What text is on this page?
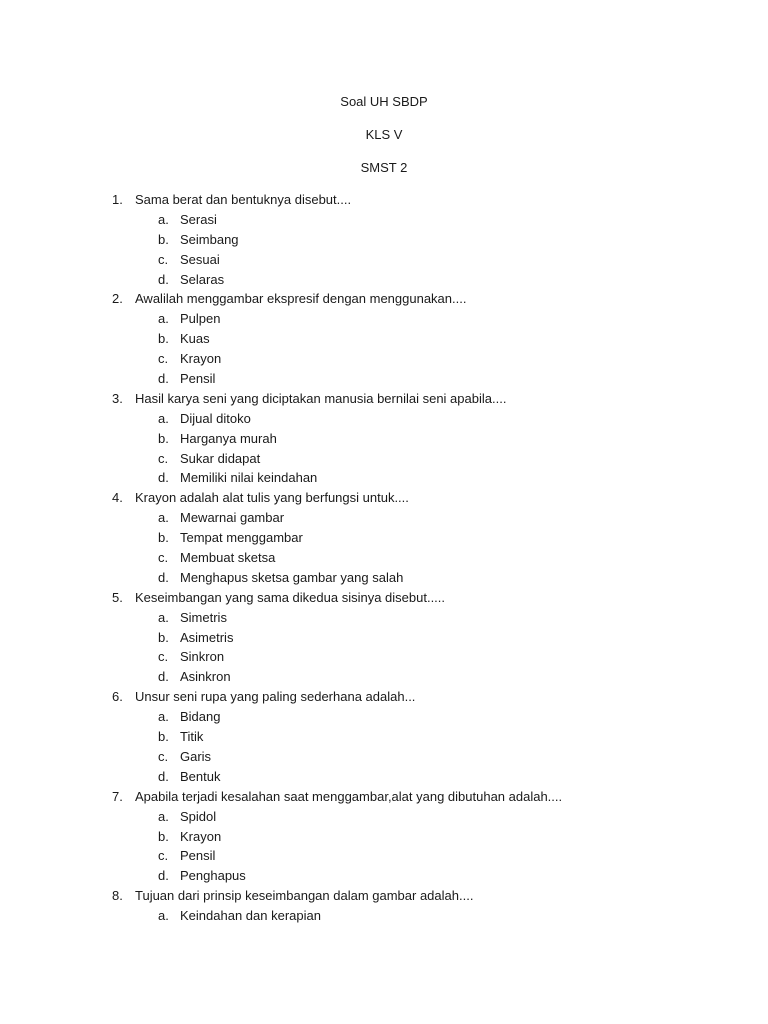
Soal UH SBDP
KLS V
SMST 2
1. Sama berat dan bentuknya disebut....
a. Serasi
b. Seimbang
c. Sesuai
d. Selaras
2. Awalilah menggambar ekspresif dengan menggunakan....
a. Pulpen
b. Kuas
c. Krayon
d. Pensil
3. Hasil karya seni yang diciptakan manusia bernilai seni apabila....
a. Dijual ditoko
b. Harganya murah
c. Sukar didapat
d. Memiliki nilai keindahan
4. Krayon adalah alat tulis yang berfungsi untuk....
a. Mewarnai gambar
b. Tempat menggambar
c. Membuat sketsa
d. Menghapus sketsa gambar yang salah
5. Keseimbangan yang sama dikedua sisinya disebut.....
a. Simetris
b. Asimetris
c. Sinkron
d. Asinkron
6. Unsur seni rupa yang paling sederhana adalah...
a. Bidang
b. Titik
c. Garis
d. Bentuk
7. Apabila terjadi kesalahan saat menggambar,alat yang dibutuhan adalah....
a. Spidol
b. Krayon
c. Pensil
d. Penghapus
8. Tujuan dari prinsip keseimbangan dalam gambar adalah....
a. Keindahan dan kerapian
